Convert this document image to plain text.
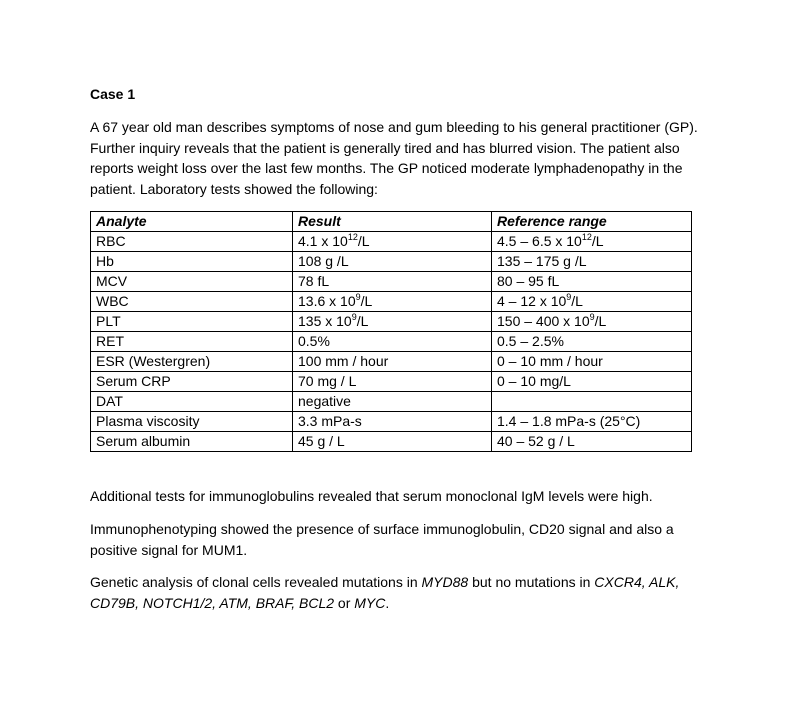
Case 1

A 67 year old man describes symptoms of nose and gum bleeding to his general practitioner (GP). Further inquiry reveals that the patient is generally tired and has blurred vision. The patient also reports weight loss over the last few months. The GP noticed moderate lymphadenopathy in the patient. Laboratory tests showed the following:

Analyte	Result	Reference range
RBC	4.1 x $10^{12}/L$	4.5 – 6.5 x $10^{12}/L$
Hb	108 g /L	135 – 175 g /L
MCV	78 fL	80 – 95 fL
WBC	13.6 x $10^9/L$	4 – 12 x $10^9/L$
PLT	135 x $10^9/L$	150 – 400 x $10^9/L$
RET	0.5%	0.5 – 2.5%
ESR (Westergren)	100 mm / hour	0 – 10 mm / hour
Serum CRP	70 mg / L	0 – 10 mg/L
DAT	negative	
Plasma viscosity	3.3 mPa-s	1.4 – 1.8 mPa-s (25°C)
Serum albumin	45 g / L	40 – 52 g / L

Additional tests for immunoglobulins revealed that serum monoclonal IgM levels were high.

Immunophenotyping showed the presence of surface immunoglobulin, CD20 signal and also a positive signal for MUM1.

Genetic analysis of clonal cells revealed mutations in MYD88 but no mutations in CXCR4, ALK, CD79B, NOTCH1/2, ATM, BRAF, BCL2 or MYC.
